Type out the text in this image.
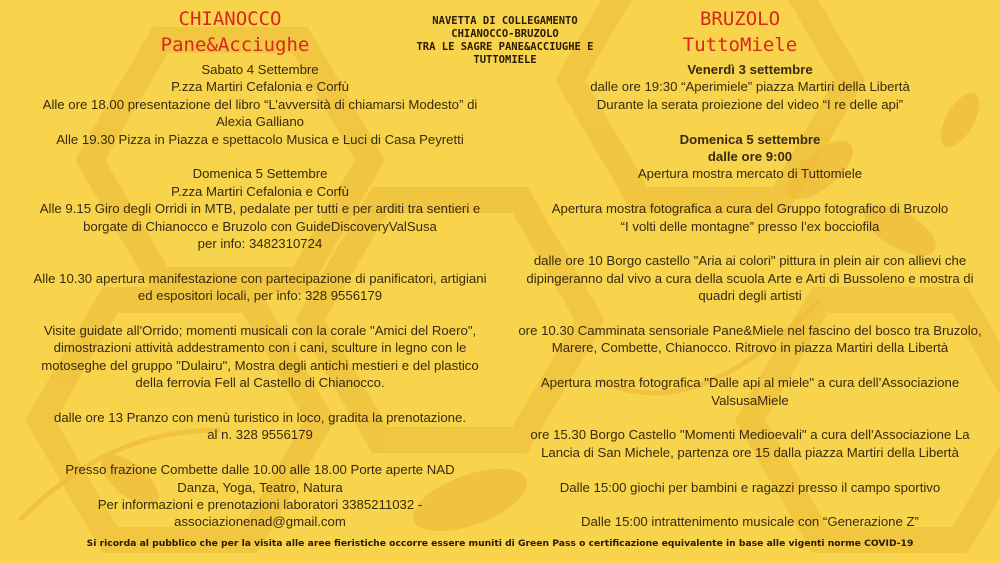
CHIANOCCO
Pane&Acciughe
NAVETTA DI COLLEGAMENTO
CHIANOCCO-BRUZOLO
TRA LE SAGRE PANE&ACCIUGHE E
TUTTOMIELE
BRUZOLO
TuttoMiele
Sabato 4 Settembre
P.zza Martiri Cefalonia e Corfù
Alle ore 18.00 presentazione del libro “L’avversità di chiamarsi Modesto” di
Alexia Galliano
Alle 19.30 Pizza in Piazza e spettacolo Musica e Luci di Casa Peyretti
Domenica 5 Settembre
P.zza Martiri Cefalonia e Corfù
Alle 9.15 Giro degli Orridi in MTB, pedalate per tutti e per arditi tra sentieri e
borgate di Chianocco e Bruzolo con GuideDiscoveryValSusa
per info: 3482310724
Alle 10.30 apertura manifestazione con partecipazione di panificatori, artigiani
ed espositori locali, per info: 328 9556179
Visite guidate all'Orrido; momenti musicali con la corale "Amici del Roero",
dimostrazioni attività addestramento con i cani, sculture in legno con le
motoseghe del gruppo "Dulairu", Mostra degli antichi mestieri e del plastico
della ferrovia Fell al Castello di Chianocco.
dalle ore 13 Pranzo con menù turistico in loco, gradita la prenotazione.
al n. 328 9556179
Presso frazione Combette dalle 10.00 alle 18.00 Porte aperte NAD
Danza, Yoga, Teatro, Natura
Per informazioni e prenotazioni laboratori 3385211032 -
associazionenad@gmail.com
Venerdì 3 settembre
dalle ore 19:30 “Aperimiele” piazza Martiri della Libertà
Durante la serata proiezione del video “I re delle api”
Domenica 5 settembre
dalle ore 9:00
Apertura mostra mercato di Tuttomiele
Apertura mostra fotografica a cura del Gruppo fotografico di Bruzolo
“I volti delle montagne” presso l’ex bocciofila
dalle ore 10 Borgo castello "Aria ai colori" pittura in plein air con allievi che
dipingeranno dal vivo a cura della scuola Arte e Arti di Bussoleno e mostra di
quadri degli artisti
ore 10.30 Camminata sensoriale Pane&Miele nel fascino del bosco tra Bruzolo,
Marere, Combette, Chianocco. Ritrovo in piazza Martiri della Libertà
Apertura mostra fotografica "Dalle api al miele" a cura dell’Associazione
ValsusaMiele
ore 15.30 Borgo Castello "Momenti Medioevali" a cura dell'Associazione La
Lancia di San Michele, partenza ore 15 dalla piazza Martiri della Libertà
Dalle 15:00 giochi per bambini e ragazzi presso il campo sportivo
Dalle 15:00 intrattenimento musicale con “Generazione Z”
Si ricorda al pubblico che per la visita alle aree fieristiche occorre essere muniti di Green Pass o certificazione equivalente in base alle vigenti norme COVID-19
